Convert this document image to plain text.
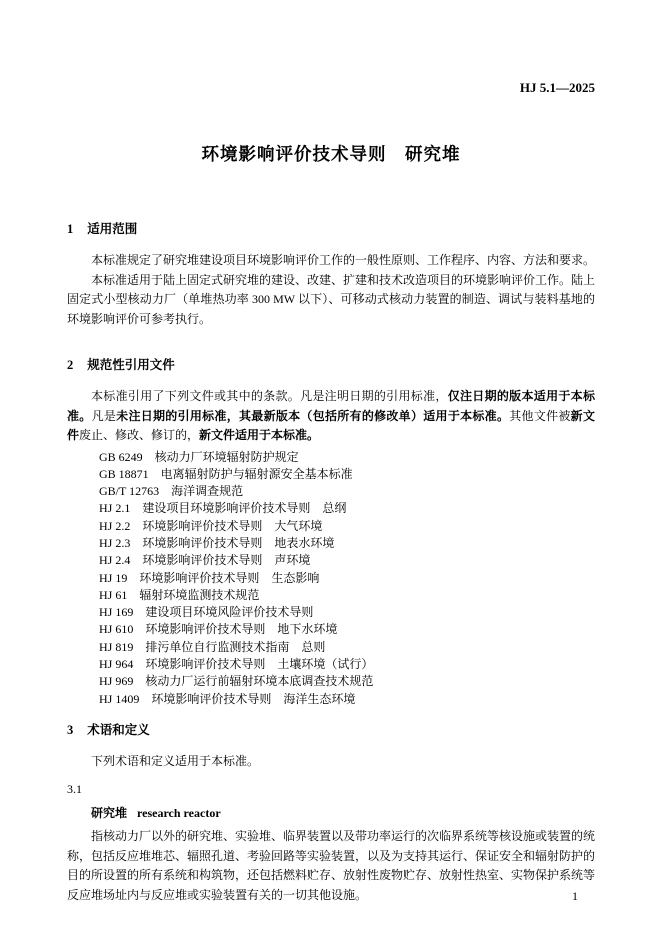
HJ 5.1—2025
环境影响评价技术导则　研究堆
1 适用范围

本标准规定了研究堆建设项目环境影响评价工作的一般性原则、工作程序、内容、方法和要求。

本标准适用于陆上固定式研究堆的建设、改建、扩建和技术改造项目的环境影响评价工作。陆上固定式小型核动力厂（单堆热功率 300 MW 以下）、可移动式核动力装置的制造、调试与装料基地的环境影响评价可参考执行。

2 规范性引用文件

本标准引用了下列文件或其中的条款。凡是注明日期的引用标准，仅注日期的版本适用于本标准。凡是未注日期的引用标准，其最新版本（包括所有的修改单）适用于本标准。其他文件被新文件废止、修改、修订的，新文件适用于本标准。

GB 6249　核动力厂环境辐射防护规定
GB 18871　电离辐射防护与辐射源安全基本标准
GB/T 12763　海洋调查规范
HJ 2.1　建设项目环境影响评价技术导则　总纲
HJ 2.2　环境影响评价技术导则　大气环境
HJ 2.3　环境影响评价技术导则　地表水环境
HJ 2.4　环境影响评价技术导则　声环境
HJ 19　环境影响评价技术导则　生态影响
HJ 61　辐射环境监测技术规范
HJ 169　建设项目环境风险评价技术导则
HJ 610　环境影响评价技术导则　地下水环境
HJ 819　排污单位自行监测技术指南　总则
HJ 964　环境影响评价技术导则　土壤环境（试行）
HJ 969　核动力厂运行前辐射环境本底调查技术规范
HJ 1409　环境影响评价技术导则　海洋生态环境
3 术语和定义

下列术语和定义适用于本标准。

3.1
研究堆 research reactor

指核动力厂以外的研究堆、实验堆、临界装置以及带功率运行的次临界系统等核设施或装置的统称，包括反应堆堆芯、辐照孔道、考验回路等实验装置，以及为支持其运行、保证安全和辐射防护的目的所设置的所有系统和构筑物，还包括燃料贮存、放射性废物贮存、放射性热室、实物保护系统等反应堆场址内与反应堆或实验装置有关的一切其他设施。	1
